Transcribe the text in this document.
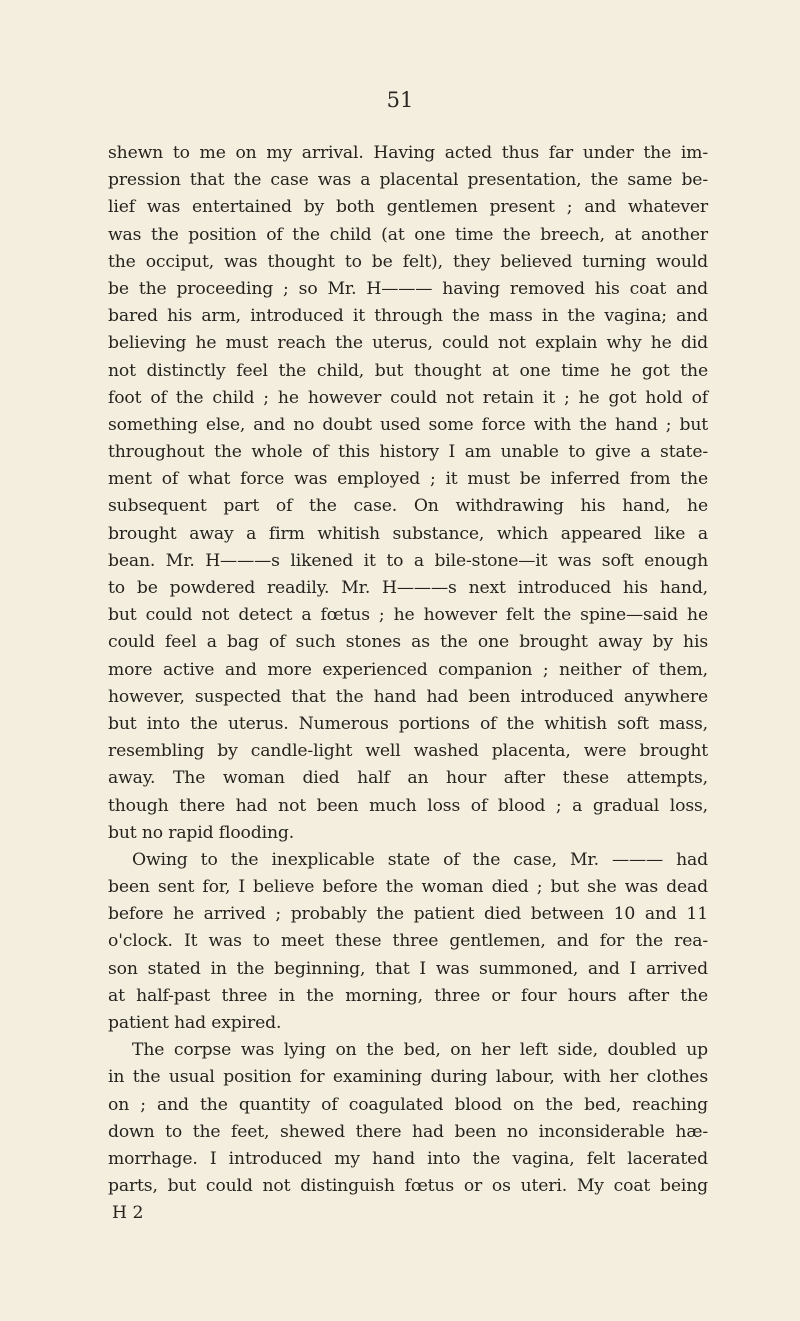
51
shewn to me on my arrival. Having acted thus far under the im-
pression that the case was a placental presentation, the same be-
lief was entertained by both gentlemen present ; and whatever
was the position of the child (at one time the breech, at another
the occiput, was thought to be felt), they believed turning would
be the proceeding ; so Mr. H——— having removed his coat and
bared his arm, introduced it through the mass in the vagina; and
believing he must reach the uterus, could not explain why he did
not distinctly feel the child, but thought at one time he got the
foot of the child ; he however could not retain it ; he got hold of
something else, and no doubt used some force with the hand ; but
throughout the whole of this history I am unable to give a state-
ment of what force was employed ; it must be inferred from the
subsequent part of the case. On withdrawing his hand, he
brought away a firm whitish substance, which appeared like a
bean. Mr. H———s likened it to a bile-stone—it was soft enough
to be powdered readily. Mr. H———s next introduced his hand,
but could not detect a fœtus ; he however felt the spine—said he
could feel a bag of such stones as the one brought away by his
more active and more experienced companion ; neither of them,
however, suspected that the hand had been introduced anywhere
but into the uterus. Numerous portions of the whitish soft mass,
resembling by candle-light well washed placenta, were brought
away. The woman died half an hour after these attempts,
though there had not been much loss of blood ; a gradual loss,
but no rapid flooding.
Owing to the inexplicable state of the case, Mr. ——— had
been sent for, I believe before the woman died ; but she was dead
before he arrived ; probably the patient died between 10 and 11
o'clock. It was to meet these three gentlemen, and for the rea-
son stated in the beginning, that I was summoned, and I arrived
at half-past three in the morning, three or four hours after the
patient had expired.
The corpse was lying on the bed, on her left side, doubled up
in the usual position for examining during labour, with her clothes
on ; and the quantity of coagulated blood on the bed, reaching
down to the feet, shewed there had been no inconsiderable hæ-
morrhage. I introduced my hand into the vagina, felt lacerated
parts, but could not distinguish fœtus or os uteri. My coat being
H 2
